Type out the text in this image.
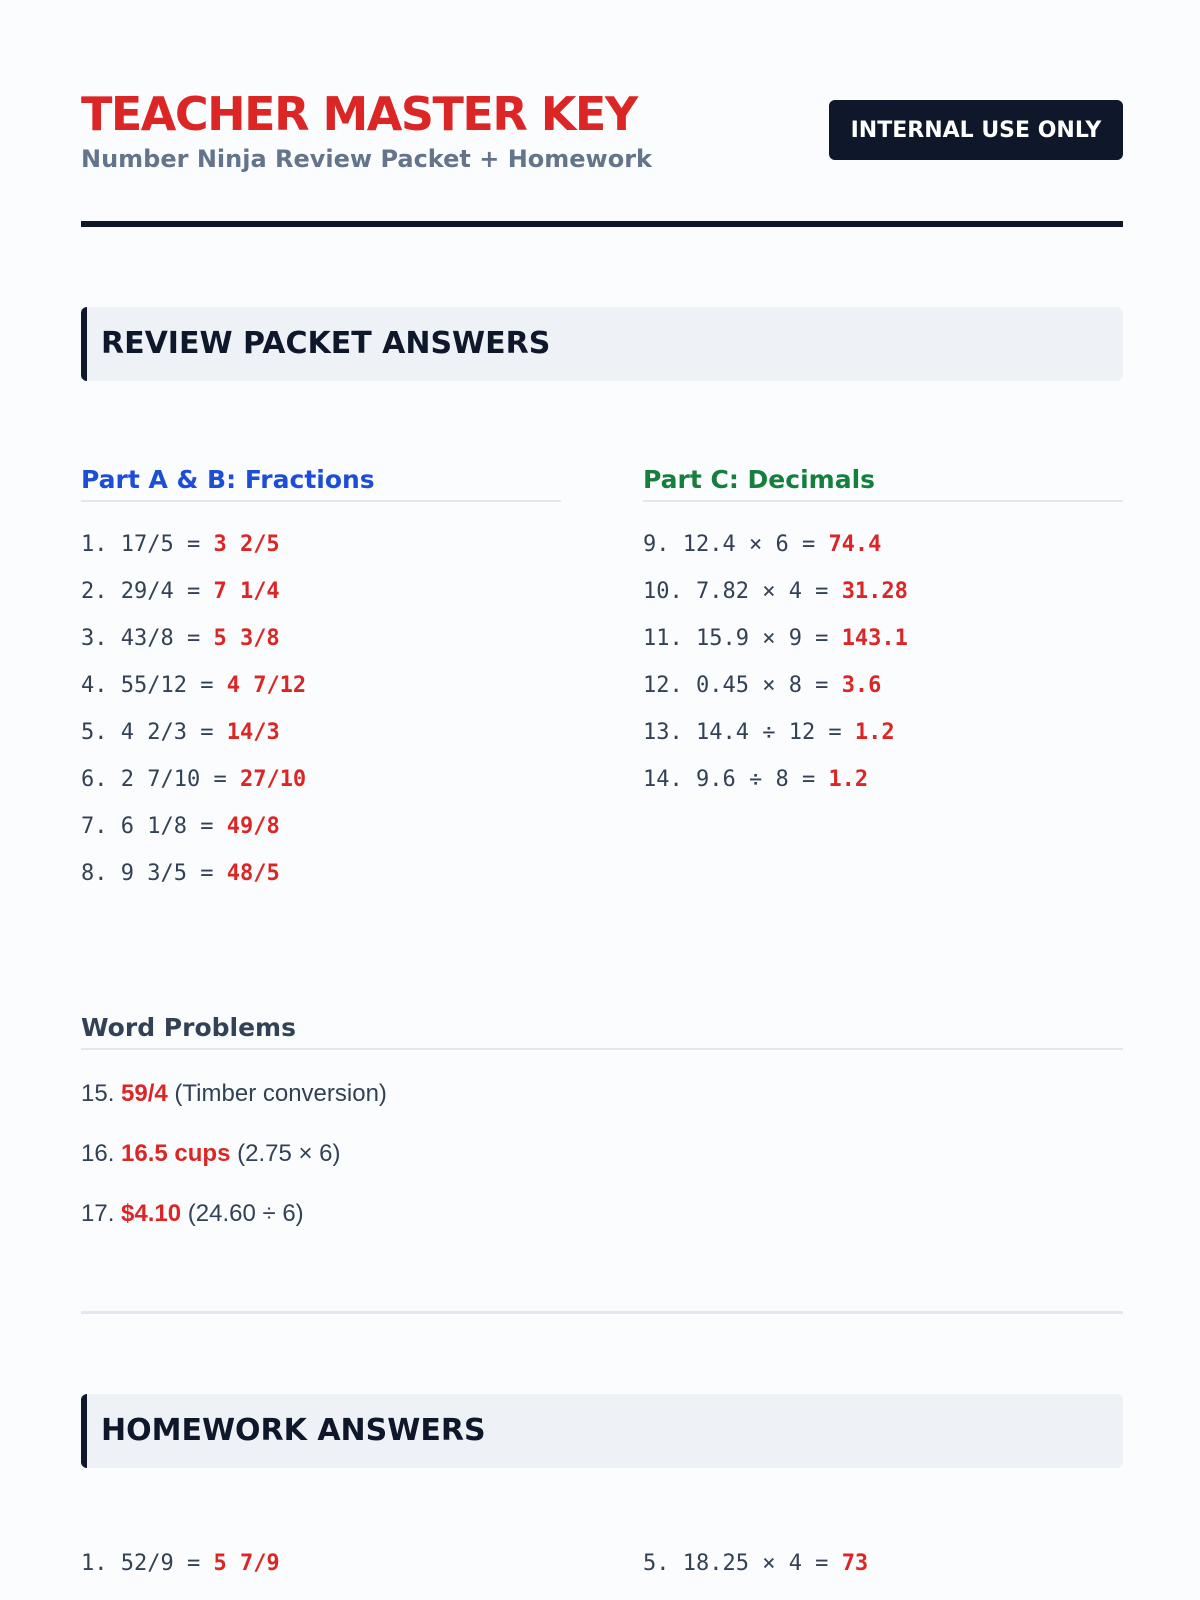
TEACHER MASTER KEY

Number Ninja Review Packet + Homework

INTERNAL USE ONLY
REVIEW PACKET ANSWERS
Part A & B: Fractions
1. 17/5 = 3 2/5
2. 29/4 = 7 1/4
3. 43/8 = 5 3/8
4. 55/12 = 4 7/12
5. 4 2/3 = 14/3
6. 2 7/10 = 27/10
7. 6 1/8 = 49/8
8. 9 3/5 = 48/5
Part C: Decimals
9. 12.4 × 6 = 74.4
10. 7.82 × 4 = 31.28
11. 15.9 × 9 = 143.1
12. 0.45 × 8 = 3.6
13. 14.4 ÷ 12 = 1.2
14. 9.6 ÷ 8 = 1.2
Word Problems
15. 59/4 (Timber conversion)
16. 16.5 cups (2.75 × 6)
17. $4.10 (24.60 ÷ 6)
HOMEWORK ANSWERS
1. 52/9 = 5 7/9	5. 18.25 × 4 = 73
